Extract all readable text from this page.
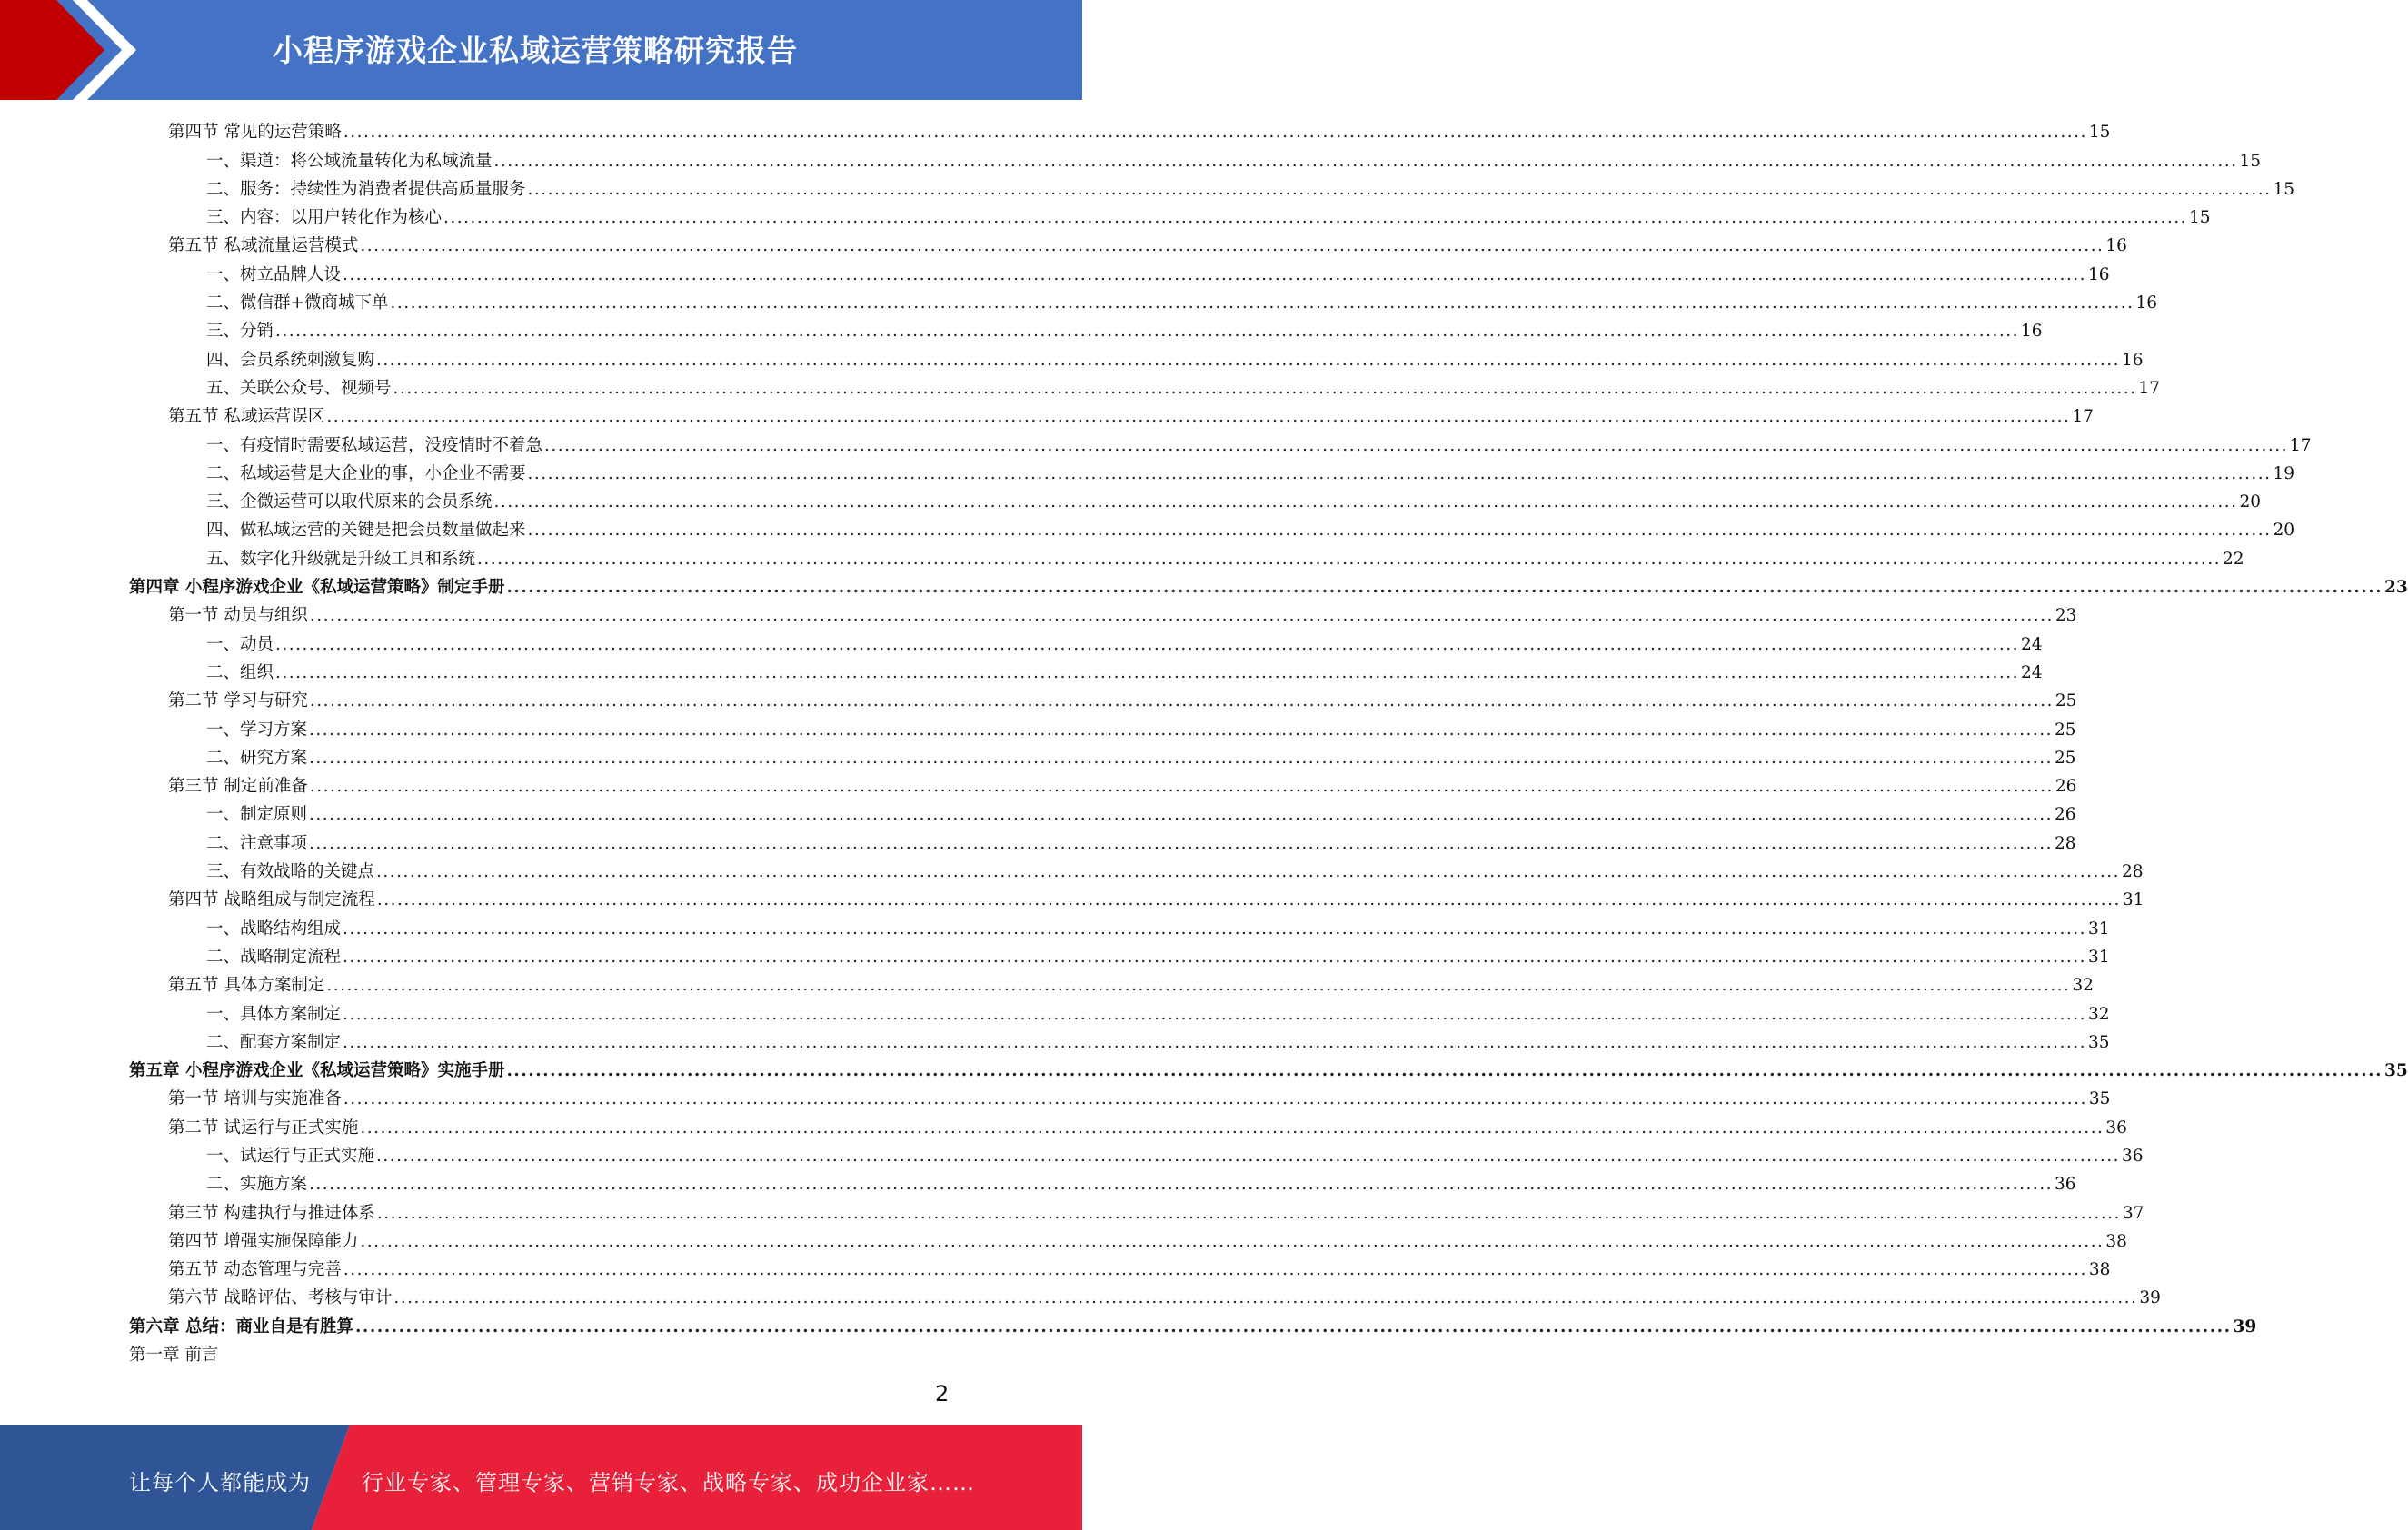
小程序游戏企业私域运营策略研究报告
第四节 常见的运营策略 .................................................................................................................................................................................................................................................................... 15
一、渠道：将公域流量转化为私域流量 .................................................................................................................................................................................................................................................................... 15
二、服务：持续性为消费者提供高质量服务 .................................................................................................................................................................................................................................................................... 15
三、内容：以用户转化作为核心 .................................................................................................................................................................................................................................................................... 15
第五节 私域流量运营模式 .................................................................................................................................................................................................................................................................... 16
一、树立品牌人设 .................................................................................................................................................................................................................................................................... 16
二、微信群+微商城下单 .................................................................................................................................................................................................................................................................... 16
三、分销 .................................................................................................................................................................................................................................................................... 16
四、会员系统刺激复购 .................................................................................................................................................................................................................................................................... 16
五、关联公众号、视频号 .................................................................................................................................................................................................................................................................... 17
第五节 私域运营误区 .................................................................................................................................................................................................................................................................... 17
一、有疫情时需要私域运营，没疫情时不着急 .................................................................................................................................................................................................................................................................... 17
二、私域运营是大企业的事，小企业不需要 .................................................................................................................................................................................................................................................................... 19
三、企微运营可以取代原来的会员系统 .................................................................................................................................................................................................................................................................... 20
四、做私域运营的关键是把会员数量做起来 .................................................................................................................................................................................................................................................................... 20
五、数字化升级就是升级工具和系统 .................................................................................................................................................................................................................................................................... 22
第四章 小程序游戏企业《私域运营策略》制定手册 .................................................................................................................................................................................................................................................................... 23
第一节 动员与组织 .................................................................................................................................................................................................................................................................... 23
一、动员 .................................................................................................................................................................................................................................................................... 24
二、组织 .................................................................................................................................................................................................................................................................... 24
第二节 学习与研究 .................................................................................................................................................................................................................................................................... 25
一、学习方案 .................................................................................................................................................................................................................................................................... 25
二、研究方案 .................................................................................................................................................................................................................................................................... 25
第三节 制定前准备 .................................................................................................................................................................................................................................................................... 26
一、制定原则 .................................................................................................................................................................................................................................................................... 26
二、注意事项 .................................................................................................................................................................................................................................................................... 28
三、有效战略的关键点 .................................................................................................................................................................................................................................................................... 28
第四节 战略组成与制定流程 .................................................................................................................................................................................................................................................................... 31
一、战略结构组成 .................................................................................................................................................................................................................................................................... 31
二、战略制定流程 .................................................................................................................................................................................................................................................................... 31
第五节 具体方案制定 .................................................................................................................................................................................................................................................................... 32
一、具体方案制定 .................................................................................................................................................................................................................................................................... 32
二、配套方案制定 .................................................................................................................................................................................................................................................................... 35
第五章 小程序游戏企业《私域运营策略》实施手册 .................................................................................................................................................................................................................................................................... 35
第一节 培训与实施准备 .................................................................................................................................................................................................................................................................... 35
第二节 试运行与正式实施 .................................................................................................................................................................................................................................................................... 36
一、试运行与正式实施 .................................................................................................................................................................................................................................................................... 36
二、实施方案 .................................................................................................................................................................................................................................................................... 36
第三节 构建执行与推进体系 .................................................................................................................................................................................................................................................................... 37
第四节 增强实施保障能力 .................................................................................................................................................................................................................................................................... 38
第五节 动态管理与完善 .................................................................................................................................................................................................................................................................... 38
第六节 战略评估、考核与审计 .................................................................................................................................................................................................................................................................... 39
第六章 总结：商业自是有胜算 .................................................................................................................................................................................................................................................................... 39
第一章 前言
2
让每个人都能成为 行业专家、管理专家、营销专家、战略专家、成功企业家……
